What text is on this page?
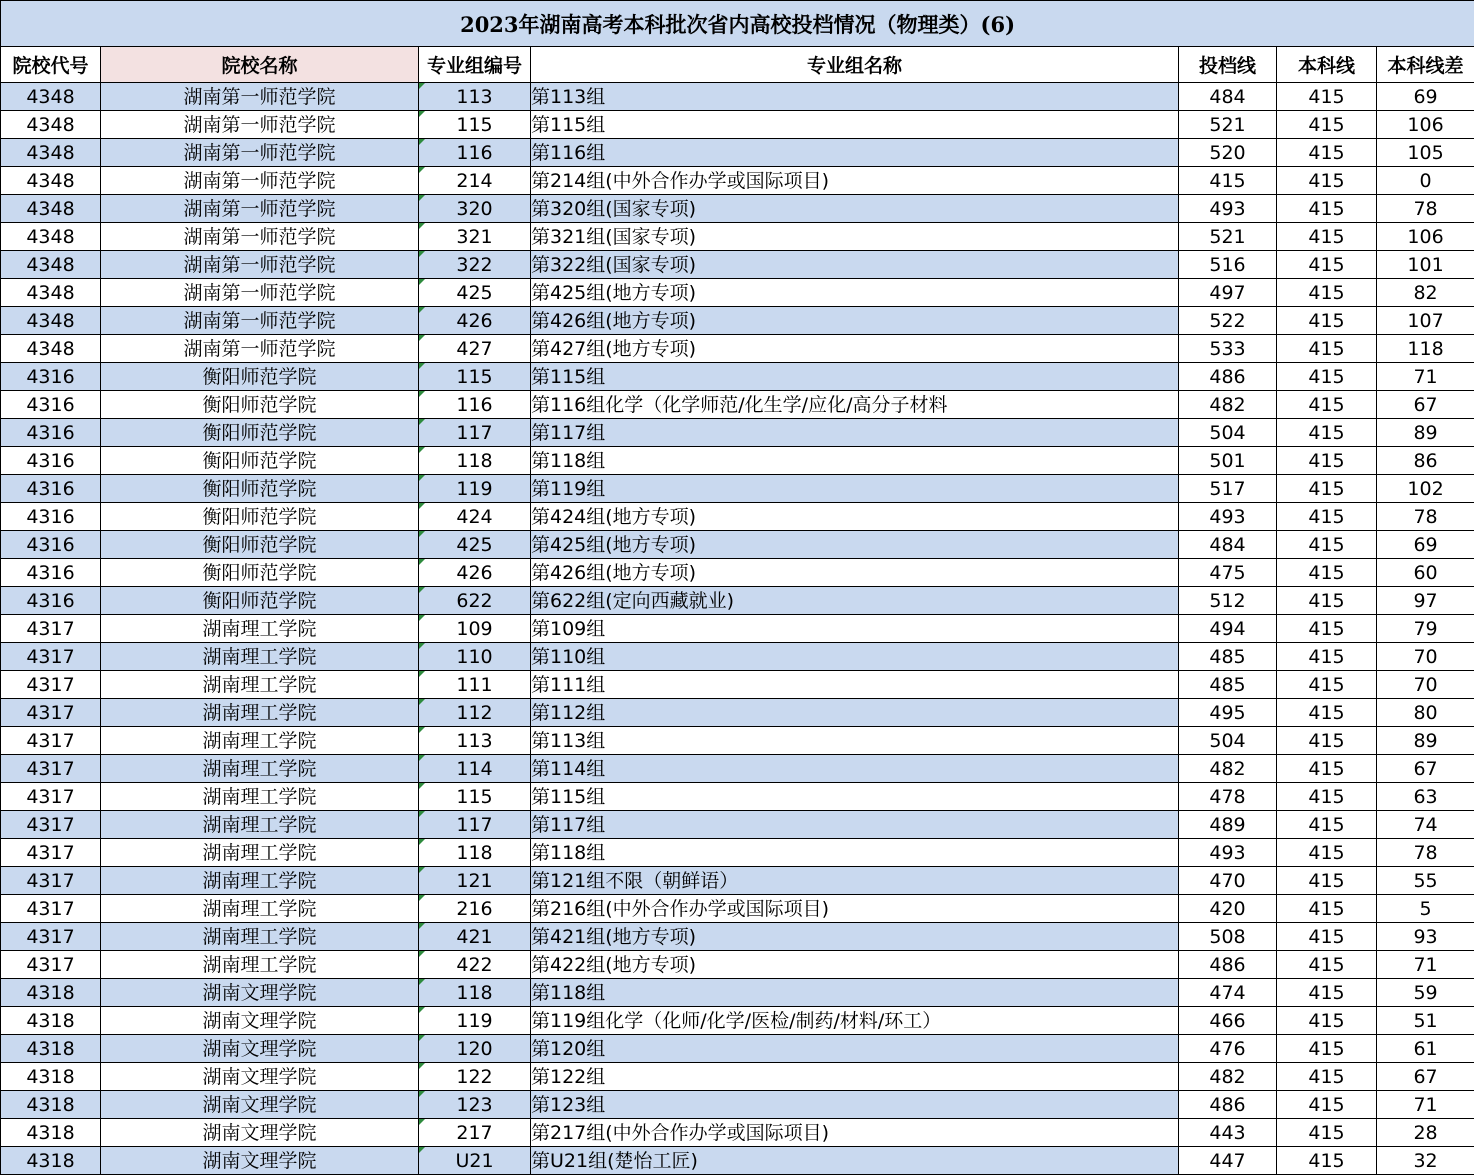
2023年湖南高考本科批次省内高校投档情况（物理类）(6)						
院校代号	院校名称	专业组编号	专业组名称	投档线	本科线	本科线差
4348	湖南第一师范学院	113	第113组	484	415	69
4348	湖南第一师范学院	115	第115组	521	415	106
4348	湖南第一师范学院	116	第116组	520	415	105
4348	湖南第一师范学院	214	第214组(中外合作办学或国际项目)	415	415	0
4348	湖南第一师范学院	320	第320组(国家专项)	493	415	78
4348	湖南第一师范学院	321	第321组(国家专项)	521	415	106
4348	湖南第一师范学院	322	第322组(国家专项)	516	415	101
4348	湖南第一师范学院	425	第425组(地方专项)	497	415	82
4348	湖南第一师范学院	426	第426组(地方专项)	522	415	107
4348	湖南第一师范学院	427	第427组(地方专项)	533	415	118
4316	衡阳师范学院	115	第115组	486	415	71
4316	衡阳师范学院	116	第116组化学（化学师范/化生学/应化/高分子材料	482	415	67
4316	衡阳师范学院	117	第117组	504	415	89
4316	衡阳师范学院	118	第118组	501	415	86
4316	衡阳师范学院	119	第119组	517	415	102
4316	衡阳师范学院	424	第424组(地方专项)	493	415	78
4316	衡阳师范学院	425	第425组(地方专项)	484	415	69
4316	衡阳师范学院	426	第426组(地方专项)	475	415	60
4316	衡阳师范学院	622	第622组(定向西藏就业)	512	415	97
4317	湖南理工学院	109	第109组	494	415	79
4317	湖南理工学院	110	第110组	485	415	70
4317	湖南理工学院	111	第111组	485	415	70
4317	湖南理工学院	112	第112组	495	415	80
4317	湖南理工学院	113	第113组	504	415	89
4317	湖南理工学院	114	第114组	482	415	67
4317	湖南理工学院	115	第115组	478	415	63
4317	湖南理工学院	117	第117组	489	415	74
4317	湖南理工学院	118	第118组	493	415	78
4317	湖南理工学院	121	第121组不限（朝鲜语）	470	415	55
4317	湖南理工学院	216	第216组(中外合作办学或国际项目)	420	415	5
4317	湖南理工学院	421	第421组(地方专项)	508	415	93
4317	湖南理工学院	422	第422组(地方专项)	486	415	71
4318	湖南文理学院	118	第118组	474	415	59
4318	湖南文理学院	119	第119组化学（化师/化学/医检/制药/材料/环工）	466	415	51
4318	湖南文理学院	120	第120组	476	415	61
4318	湖南文理学院	122	第122组	482	415	67
4318	湖南文理学院	123	第123组	486	415	71
4318	湖南文理学院	217	第217组(中外合作办学或国际项目)	443	415	28
4318	湖南文理学院	U21	第U21组(楚怡工匠)	447	415	32
